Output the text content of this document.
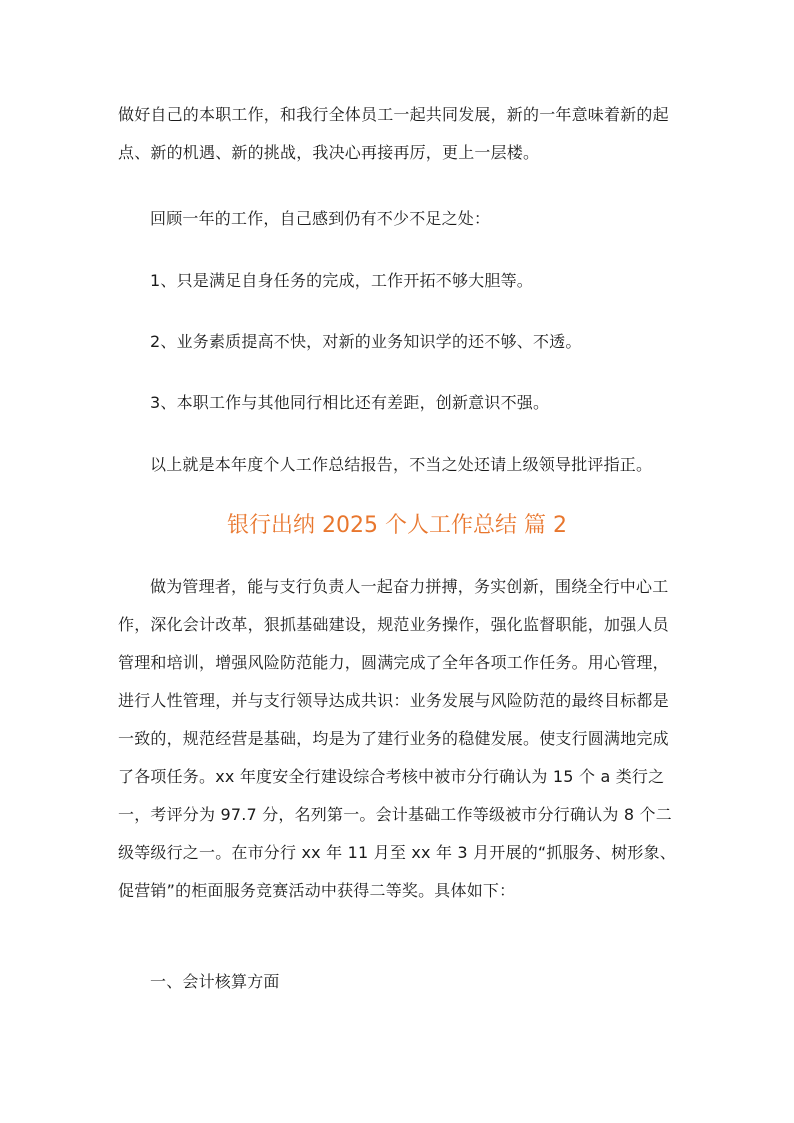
做好自己的本职工作，和我行全体员工一起共同发展，新的一年意味着新的起点、新的机遇、新的挑战，我决心再接再厉，更上一层楼。

回顾一年的工作，自己感到仍有不少不足之处：

1、只是满足自身任务的完成，工作开拓不够大胆等。

2、业务素质提高不快，对新的业务知识学的还不够、不透。

3、本职工作与其他同行相比还有差距，创新意识不强。

以上就是本年度个人工作总结报告，不当之处还请上级领导批评指正。

银行出纳 2025 个人工作总结 篇 2

做为管理者，能与支行负责人一起奋力拼搏，务实创新，围绕全行中心工作，深化会计改革，狠抓基础建设，规范业务操作，强化监督职能，加强人员管理和培训，增强风险防范能力，圆满完成了全年各项工作任务。用心管理，进行人性管理，并与支行领导达成共识：业务发展与风险防范的最终目标都是一致的，规范经营是基础，均是为了建行业务的稳健发展。使支行圆满地完成了各项任务。xx 年度安全行建设综合考核中被市分行确认为 15 个 a 类行之一，考评分为 97.7 分，名列第一。会计基础工作等级被市分行确认为 8 个二级等级行之一。在市分行 xx 年 11 月至 xx 年 3 月开展的“抓服务、树形象、促营销”的柜面服务竞赛活动中获得二等奖。具体如下：

一、会计核算方面
